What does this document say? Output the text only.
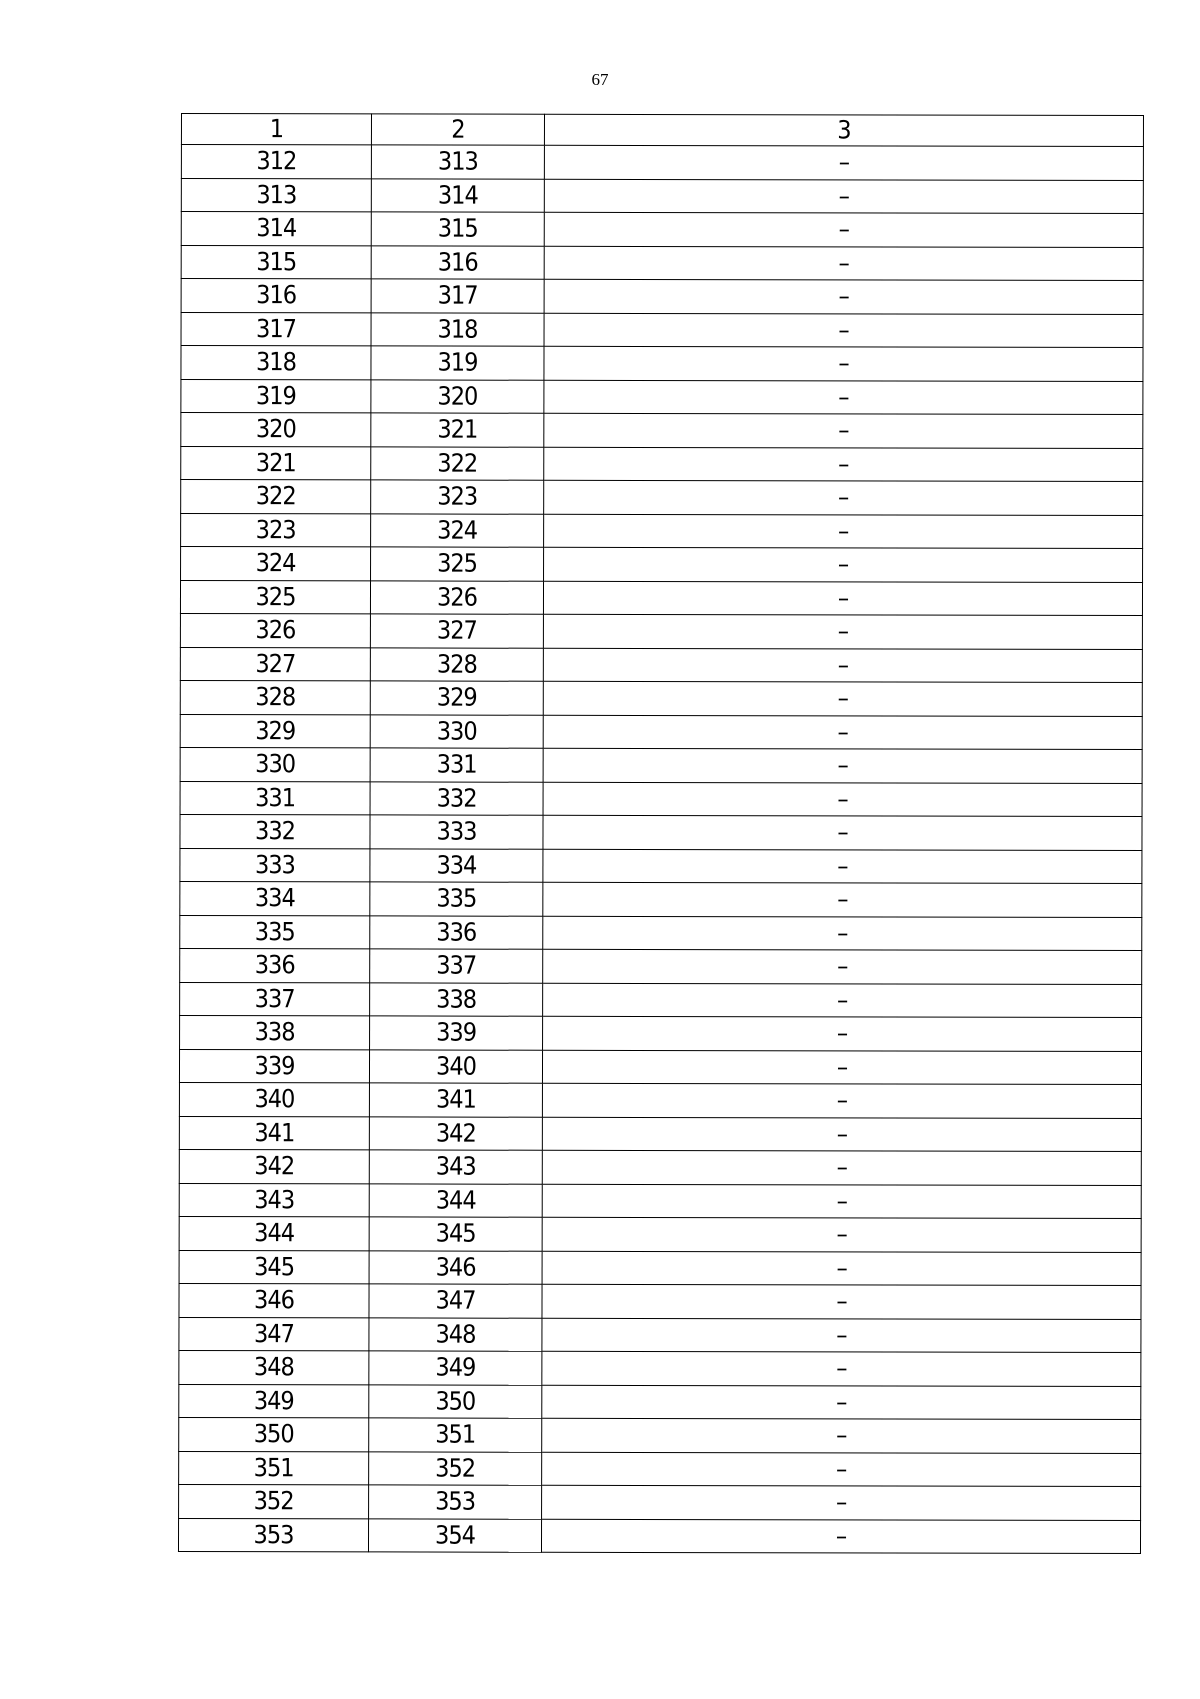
67
1	2	3
312	313	–
313	314	–
314	315	–
315	316	–
316	317	–
317	318	–
318	319	–
319	320	–
320	321	–
321	322	–
322	323	–
323	324	–
324	325	–
325	326	–
326	327	–
327	328	–
328	329	–
329	330	–
330	331	–
331	332	–
332	333	–
333	334	–
334	335	–
335	336	–
336	337	–
337	338	–
338	339	–
339	340	–
340	341	–
341	342	–
342	343	–
343	344	–
344	345	–
345	346	–
346	347	–
347	348	–
348	349	–
349	350	–
350	351	–
351	352	–
352	353	–
353	354	–
